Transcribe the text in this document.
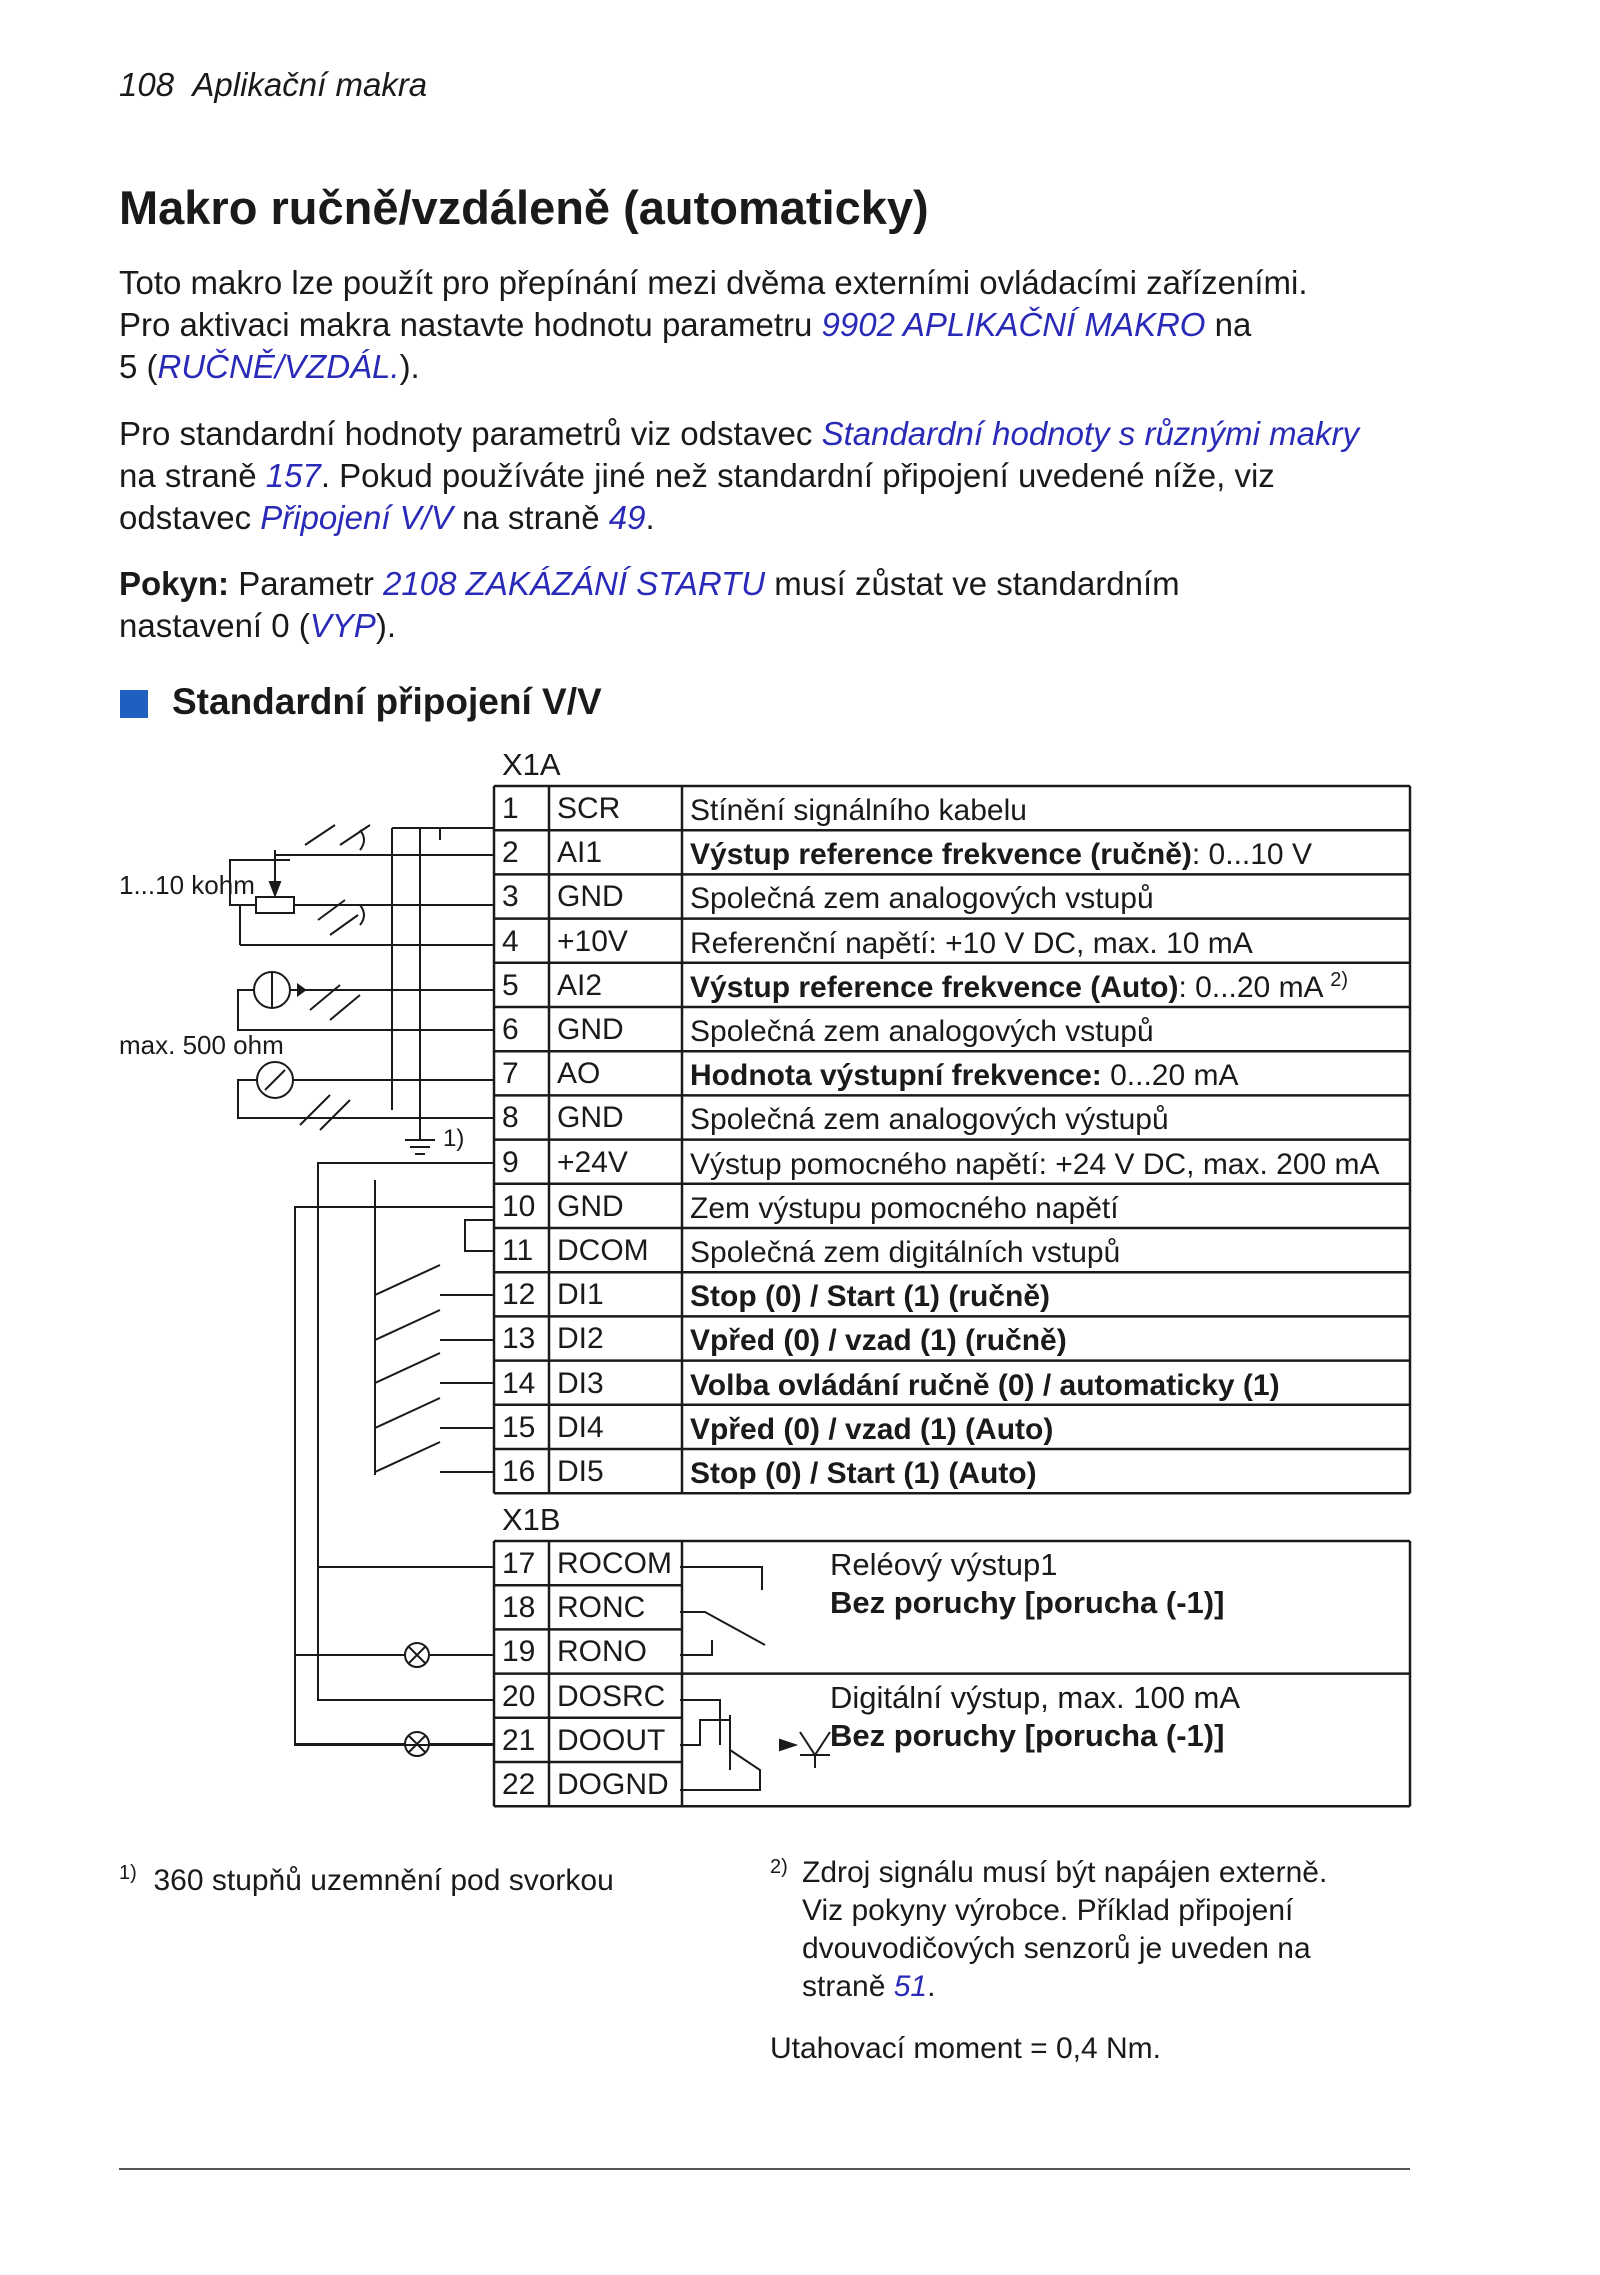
108 Aplikační makra
Makro ručně/vzdáleně (automaticky)
Toto makro lze použít pro přepínání mezi dvěma externími ovládacími zařízeními.
Pro aktivaci makra nastavte hodnotu parametru 9902 APLIKAČNÍ MAKRO na
5 (RUČNĚ/VZDÁL.).
Pro standardní hodnoty parametrů viz odstavec Standardní hodnoty s různými makry
na straně 157. Pokud používáte jiné než standardní připojení uvedené níže, viz
odstavec Připojení V/V na straně 49.
Pokyn: Parametr 2108 ZAKÁZÁNÍ STARTU musí zůstat ve standardním
nastavení 0 (VYP).
Standardní připojení V/V
1...10 kohm
max. 500 ohm
1)
X1A
X1B
1 SCR Stínění signálního kabelu
2 AI1	Výstup reference frekvence (ručně): 0...10 V
3 GND Společná zem analogových vstupů
4 +10V Referenční napětí: +10 V DC, max. 10 mA
5 AI2	Výstup reference frekvence (Auto): 0...20 mA $^{2)}$
6 GND Společná zem analogových vstupů
7 AO	Hodnota výstupní frekvence: 0...20 mA
8 GND Společná zem analogových výstupů
9 +24V Výstup pomocného napětí: +24 V DC, max. 200 mA
10 GND Zem výstupu pomocného napětí
11 DCOM Společná zem digitálních vstupů
12 DI1	Stop (0) / Start (1) (ručně)
13 DI2	Vpřed (0) / vzad (1) (ručně)
14 DI3	Volba ovládání ručně (0) / automaticky (1)
15 DI4	Vpřed (0) / vzad (1) (Auto)
16 DI5	Stop (0) / Start (1) (Auto)
17 ROCOM
18 RONC
19 RONO
20 DOSRC
21 DOOUT
22 DOGND
Reléový výstup1
Bez poruchy [porucha (-1)]
Digitální výstup, max. 100 mA
Bez poruchy [porucha (-1)]
$^{1)}$ 360 stupňů uzemnění pod svorkou	2) Zdroj signálu musí být napájen externě.
Viz pokyny výrobce. Příklad připojení
dvouvodičových senzorů je uveden na
straně 51.
Utahovací moment = 0,4 Nm.
